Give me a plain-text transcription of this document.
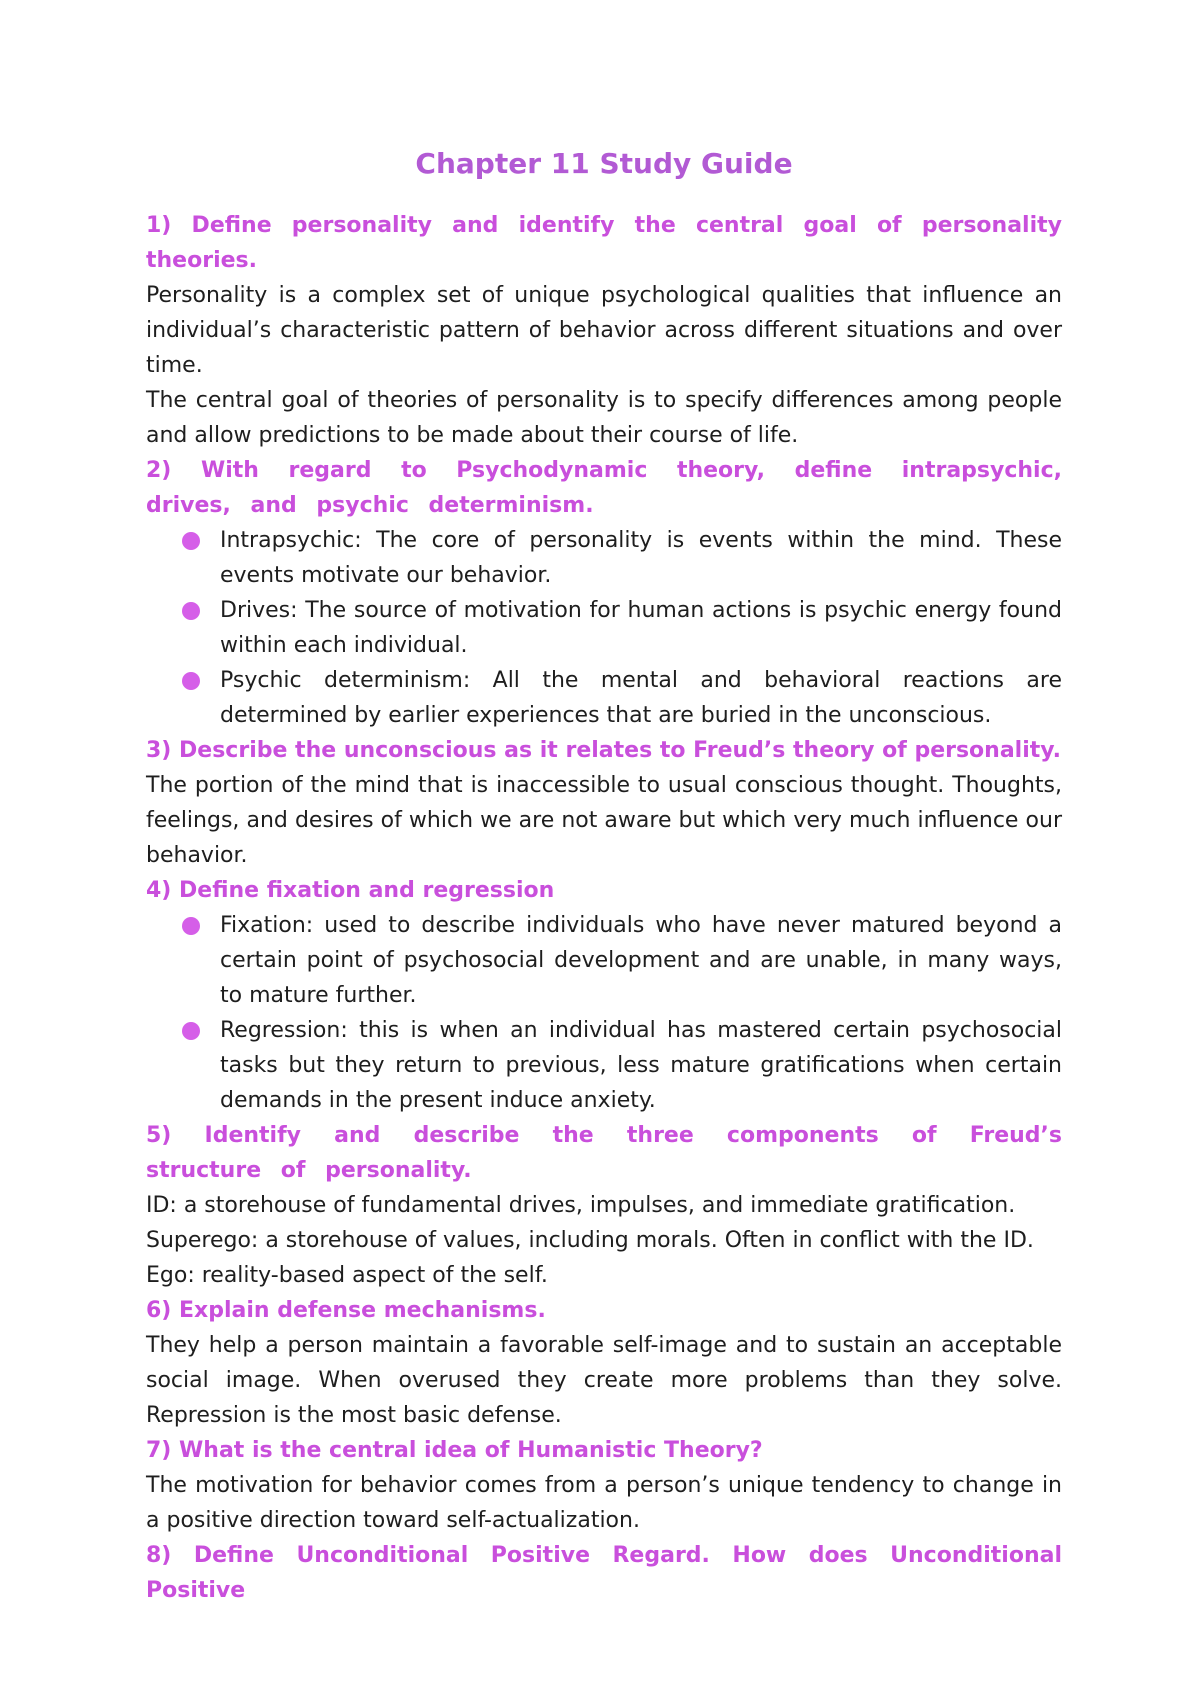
Chapter 11 Study Guide

1) Define personality and identify the central goal of personality theories.

Personality is a complex set of unique psychological qualities that influence an individual’s characteristic pattern of behavior across different situations and over time.

The central goal of theories of personality is to specify differences among people and allow predictions to be made about their course of life.

2) With regard to Psychodynamic theory, define intrapsychic, drives, and psychic determinism.

Intrapsychic: The core of personality is events within the mind. These events motivate our behavior.
Drives: The source of motivation for human actions is psychic energy found within each individual.
Psychic determinism: All the mental and behavioral reactions are determined by earlier experiences that are buried in the unconscious.

3) Describe the unconscious as it relates to Freud’s theory of personality.

The portion of the mind that is inaccessible to usual conscious thought. Thoughts, feelings, and desires of which we are not aware but which very much influence our behavior.

4) Define fixation and regression

Fixation: used to describe individuals who have never matured beyond a certain point of psychosocial development and are unable, in many ways, to mature further.
Regression: this is when an individual has mastered certain psychosocial tasks but they return to previous, less mature gratifications when certain demands in the present induce anxiety.

5) Identify and describe the three components of Freud’s structure of personality.

ID: a storehouse of fundamental drives, impulses, and immediate gratification.

Superego: a storehouse of values, including morals. Often in conflict with the ID.

Ego: reality-based aspect of the self.

6) Explain defense mechanisms.

They help a person maintain a favorable self-image and to sustain an acceptable social image. When overused they create more problems than they solve. Repression is the most basic defense.

7) What is the central idea of Humanistic Theory?

The motivation for behavior comes from a person’s unique tendency to change in a positive direction toward self-actualization.

8) Define Unconditional Positive Regard. How does Unconditional Positive
